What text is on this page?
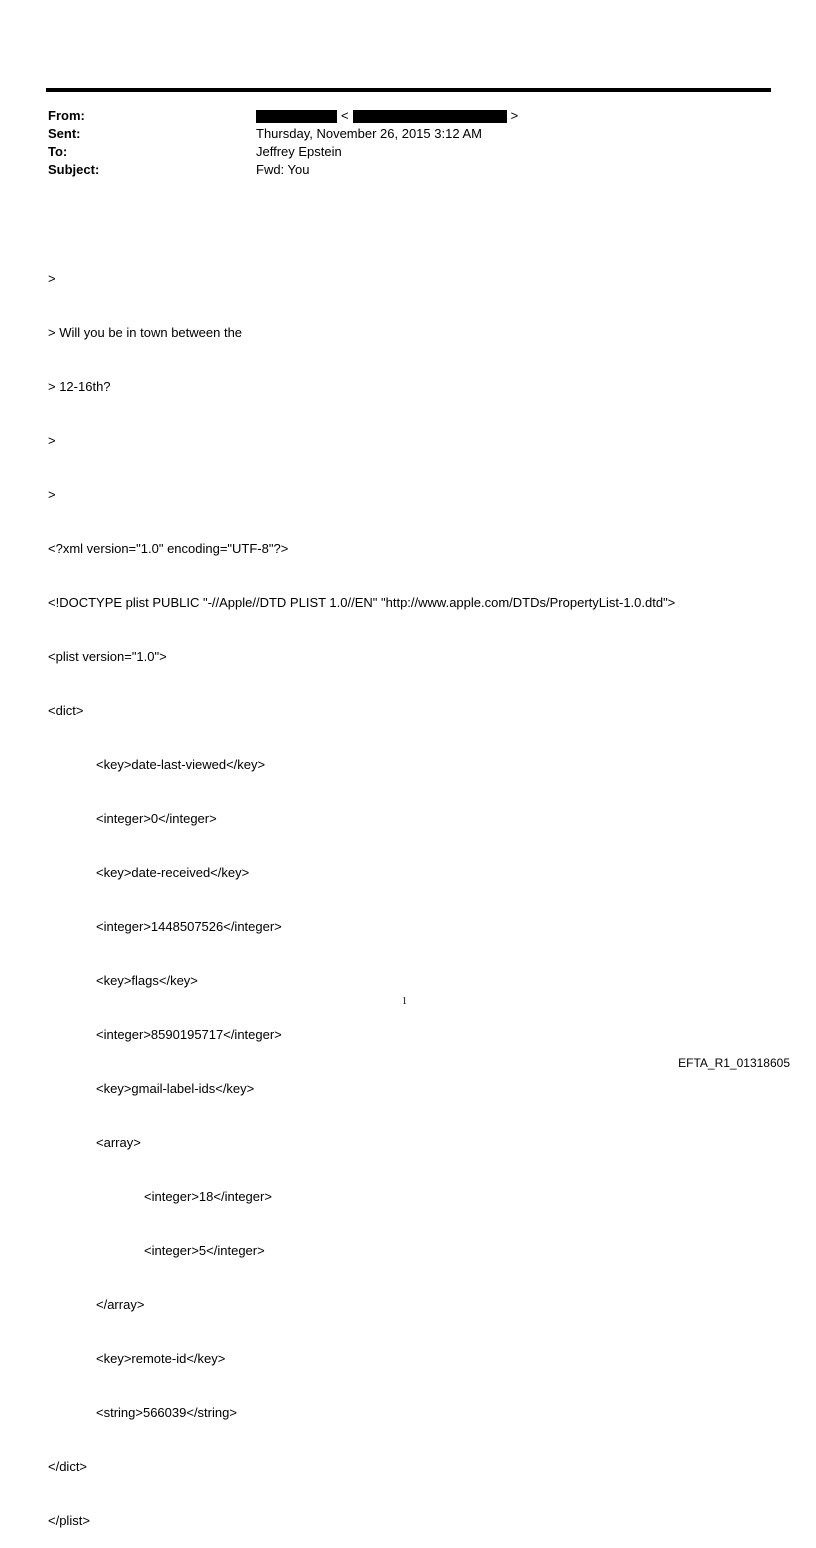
From:	<	>
Sent:	Thursday, November 26, 2015 3:12 AM
To:	Jeffrey Epstein
Subject:	Fwd: You

>

> Will you be in town between the

> 12-16th?

>

>

<?xml version="1.0" encoding="UTF-8"?>

<!DOCTYPE plist PUBLIC "-//Apple//DTD PLIST 1.0//EN" "http://www.apple.com/DTDs/PropertyList-1.0.dtd">

<plist version="1.0">

<dict>

<key>date-last-viewed</key>

<integer>0</integer>

<key>date-received</key>

<integer>1448507526</integer>

<key>flags</key>

<integer>8590195717</integer>

<key>gmail-label-ids</key>

<array>

<integer>18</integer>

<integer>5</integer>

</array>

<key>remote-id</key>

<string>566039</string>

</dict>

</plist>

1
EFTA_R1_01318605
